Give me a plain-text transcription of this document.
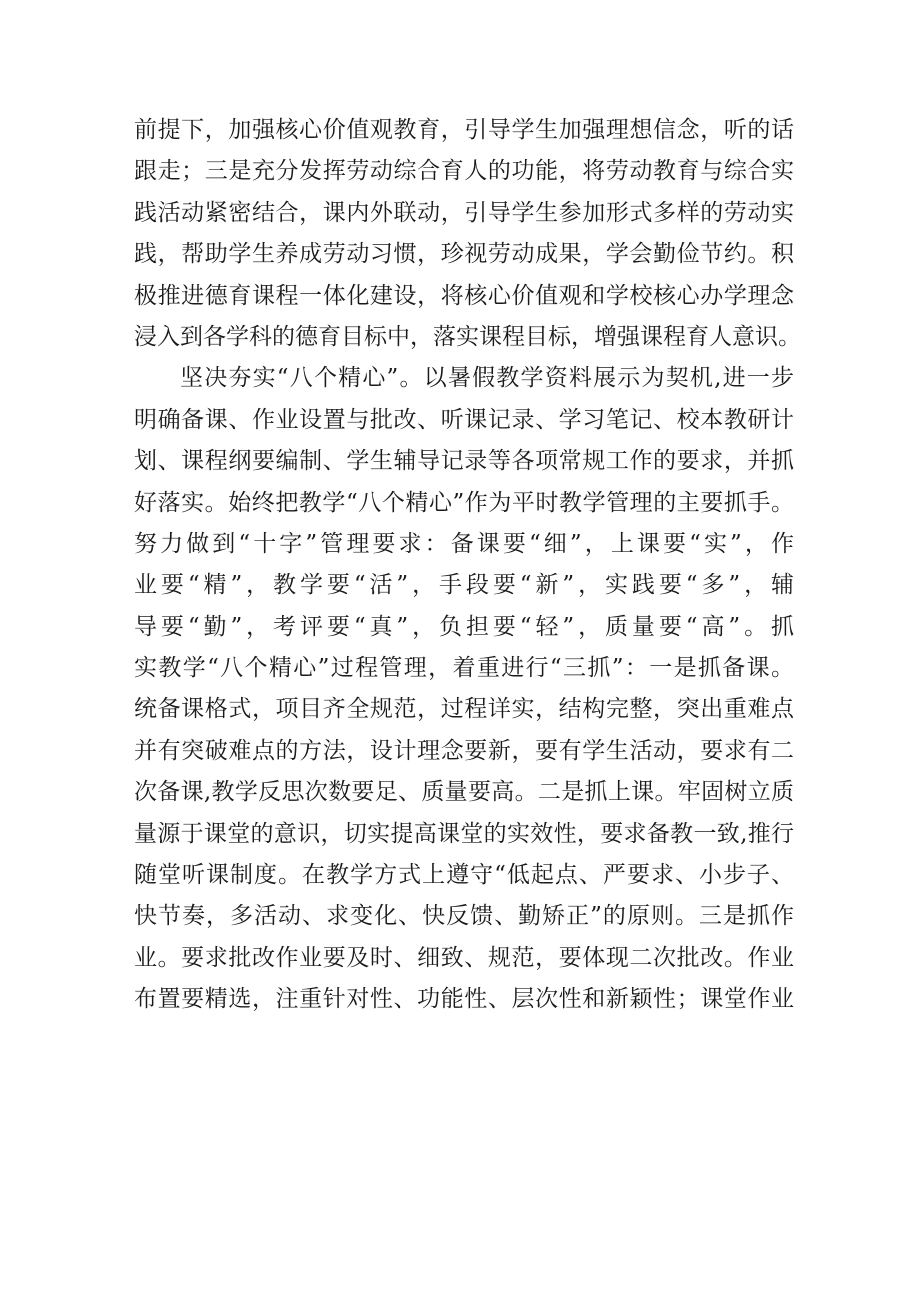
前提下，加强核心价值观教育，引导学生加强理想信念，听的话
跟走；三是充分发挥劳动综合育人的功能，将劳动教育与综合实
践活动紧密结合，课内外联动，引导学生参加形式多样的劳动实
践，帮助学生养成劳动习惯，珍视劳动成果，学会勤俭节约。积
极推进德育课程一体化建设，将核心价值观和学校核心办学理念
浸入到各学科的德育目标中，落实课程目标，增强课程育人意识。
坚决夯实“八个精心”。以暑假教学资料展示为契机,进一步
明确备课、作业设置与批改、听课记录、学习笔记、校本教研计
划、课程纲要编制、学生辅导记录等各项常规工作的要求，并抓
好落实。始终把教学“八个精心”作为平时教学管理的主要抓手。
努力做到“十字”管理要求：备课要“细”，上课要“实”，作
业要“精”，教学要“活”，手段要“新”，实践要“多”，辅
导要“勤”，考评要“真”，负担要“轻”，质量要“高”。抓
实教学“八个精心”过程管理，着重进行“三抓”：一是抓备课。
统备课格式，项目齐全规范，过程详实，结构完整，突出重难点
并有突破难点的方法，设计理念要新，要有学生活动，要求有二
次备课,教学反思次数要足、质量要高。二是抓上课。牢固树立质
量源于课堂的意识，切实提高课堂的实效性，要求备教一致,推行
随堂听课制度。在教学方式上遵守“低起点、严要求、小步子、
快节奏，多活动、求变化、快反馈、勤矫正”的原则。三是抓作
业。要求批改作业要及时、细致、规范，要体现二次批改。作业
布置要精选，注重针对性、功能性、层次性和新颖性；课堂作业
